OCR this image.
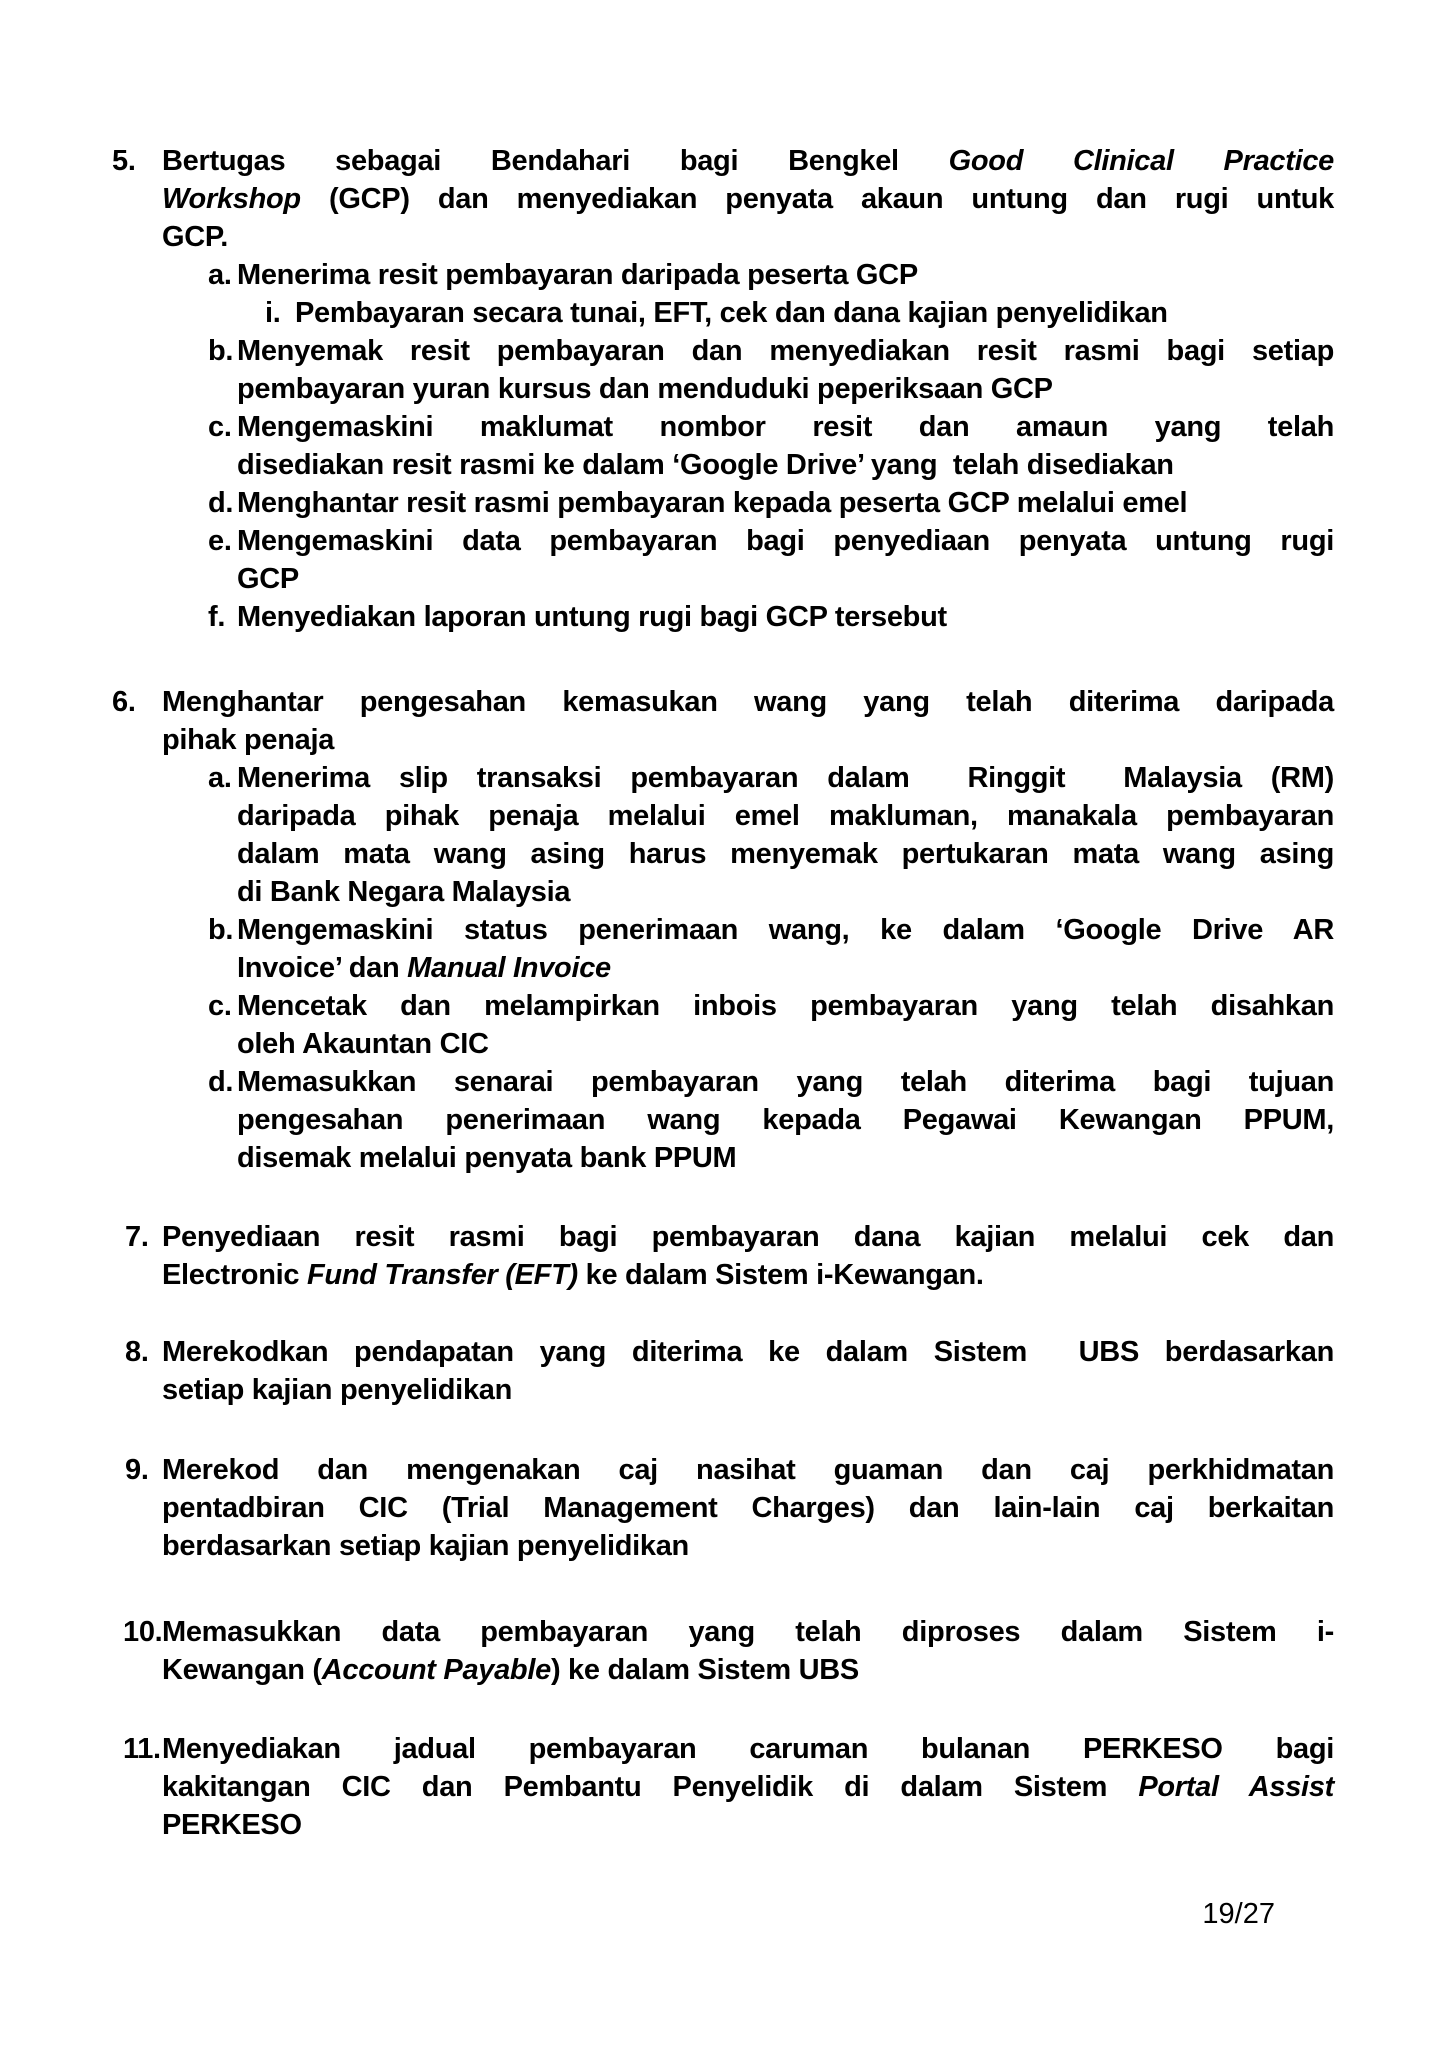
5. Bertugas sebagai Bendahari bagi Bengkel Good Clinical Practice
Workshop (GCP) dan menyediakan penyata akaun untung dan rugi untuk
GCP.
a. Menerima resit pembayaran daripada peserta GCP
i. Pembayaran secara tunai, EFT, cek dan dana kajian penyelidikan
b. Menyemak resit pembayaran dan menyediakan resit rasmi bagi setiap
pembayaran yuran kursus dan menduduki peperiksaan GCP
c. Mengemaskini maklumat nombor resit dan amaun yang telah
disediakan resit rasmi ke dalam ‘Google Drive’ yang  telah disediakan
d. Menghantar resit rasmi pembayaran kepada peserta GCP melalui emel
e. Mengemaskini data pembayaran bagi penyediaan penyata untung rugi
GCP
f. Menyediakan laporan untung rugi bagi GCP tersebut
6. Menghantar pengesahan kemasukan wang yang telah diterima daripada
pihak penaja
a. Menerima slip transaksi pembayaran dalam  Ringgit  Malaysia (RM)
daripada pihak penaja melalui emel makluman, manakala pembayaran
dalam mata wang asing harus menyemak pertukaran mata wang asing
di Bank Negara Malaysia
b. Mengemaskini status penerimaan wang, ke dalam ‘Google Drive AR
Invoice’ dan Manual Invoice
c. Mencetak dan melampirkan inbois pembayaran yang telah disahkan
oleh Akauntan CIC
d. Memasukkan senarai pembayaran yang telah diterima bagi tujuan
pengesahan penerimaan wang kepada Pegawai Kewangan PPUM,
disemak melalui penyata bank PPUM
7. Penyediaan resit rasmi bagi pembayaran dana kajian melalui cek dan
Electronic Fund Transfer (EFT) ke dalam Sistem i-Kewangan.
8. Merekodkan pendapatan yang diterima ke dalam Sistem  UBS berdasarkan
setiap kajian penyelidikan
9. Merekod dan mengenakan caj nasihat guaman dan caj perkhidmatan
pentadbiran CIC (Trial Management Charges) dan lain-lain caj berkaitan
berdasarkan setiap kajian penyelidikan
10. Memasukkan data pembayaran yang telah diproses dalam Sistem i-
Kewangan (Account Payable) ke dalam Sistem UBS
11. Menyediakan jadual pembayaran caruman bulanan PERKESO bagi
kakitangan CIC dan Pembantu Penyelidik di dalam Sistem Portal Assist
PERKESO
19/27
